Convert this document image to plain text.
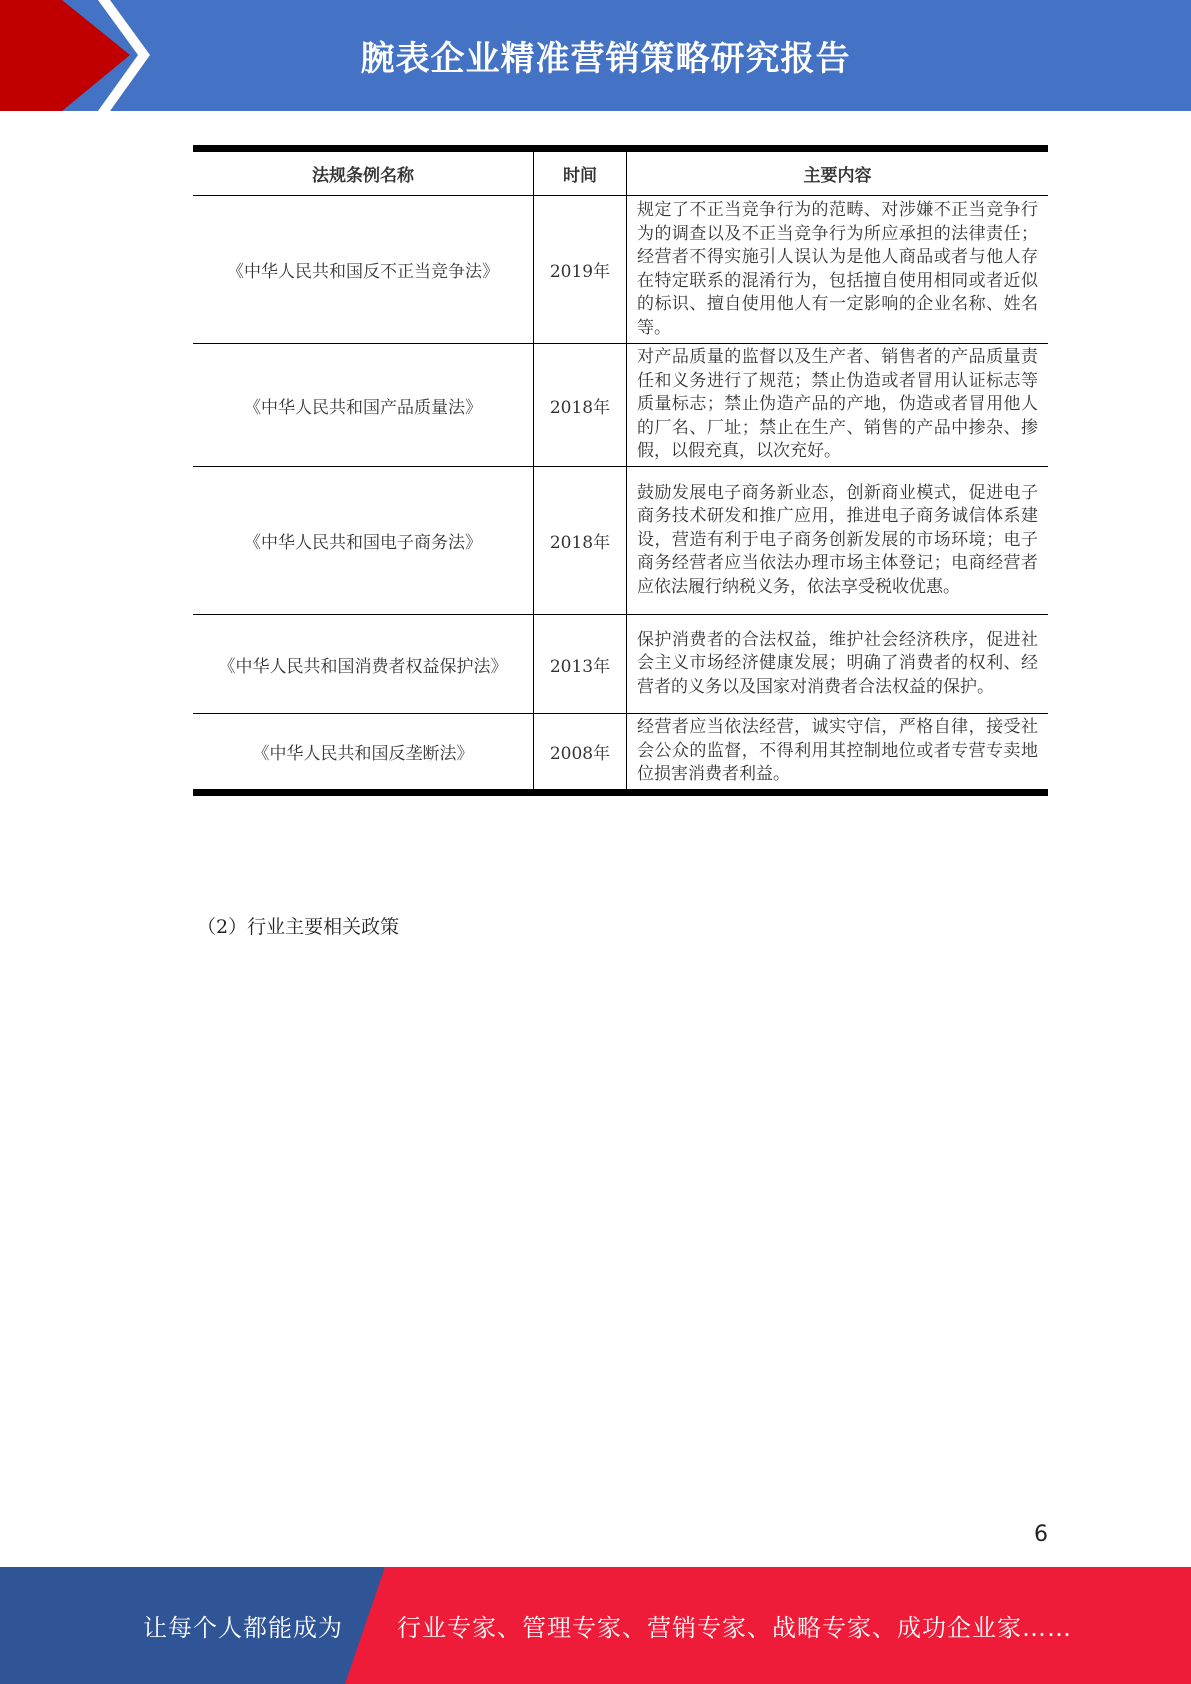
腕表企业精准营销策略研究报告
法规条例名称	时间	主要内容
《中华人民共和国反不正当竞争法》	2019年	规定了不正当竞争行为的范畴、对涉嫌不正当竞争行为的调查以及不正当竞争行为所应承担的法律责任；经营者不得实施引人误认为是他人商品或者与他人存在特定联系的混淆行为，包括擅自使用相同或者近似的标识、擅自使用他人有一定影响的企业名称、姓名等。
《中华人民共和国产品质量法》	2018年	对产品质量的监督以及生产者、销售者的产品质量责任和义务进行了规范；禁止伪造或者冒用认证标志等质量标志；禁止伪造产品的产地，伪造或者冒用他人的厂名、厂址；禁止在生产、销售的产品中掺杂、掺假，以假充真，以次充好。
《中华人民共和国电子商务法》	2018年	鼓励发展电子商务新业态，创新商业模式，促进电子商务技术研发和推广应用，推进电子商务诚信体系建设，营造有利于电子商务创新发展的市场环境；电子商务经营者应当依法办理市场主体登记；电商经营者应依法履行纳税义务，依法享受税收优惠。
《中华人民共和国消费者权益保护法》	2013年	保护消费者的合法权益，维护社会经济秩序，促进社会主义市场经济健康发展；明确了消费者的权利、经营者的义务以及国家对消费者合法权益的保护。
《中华人民共和国反垄断法》	2008年	经营者应当依法经营，诚实守信，严格自律，接受社会公众的监督，不得利用其控制地位或者专营专卖地位损害消费者利益。
（2）行业主要相关政策
6
让每个人都能成为 行业专家、管理专家、营销专家、战略专家、成功企业家……
